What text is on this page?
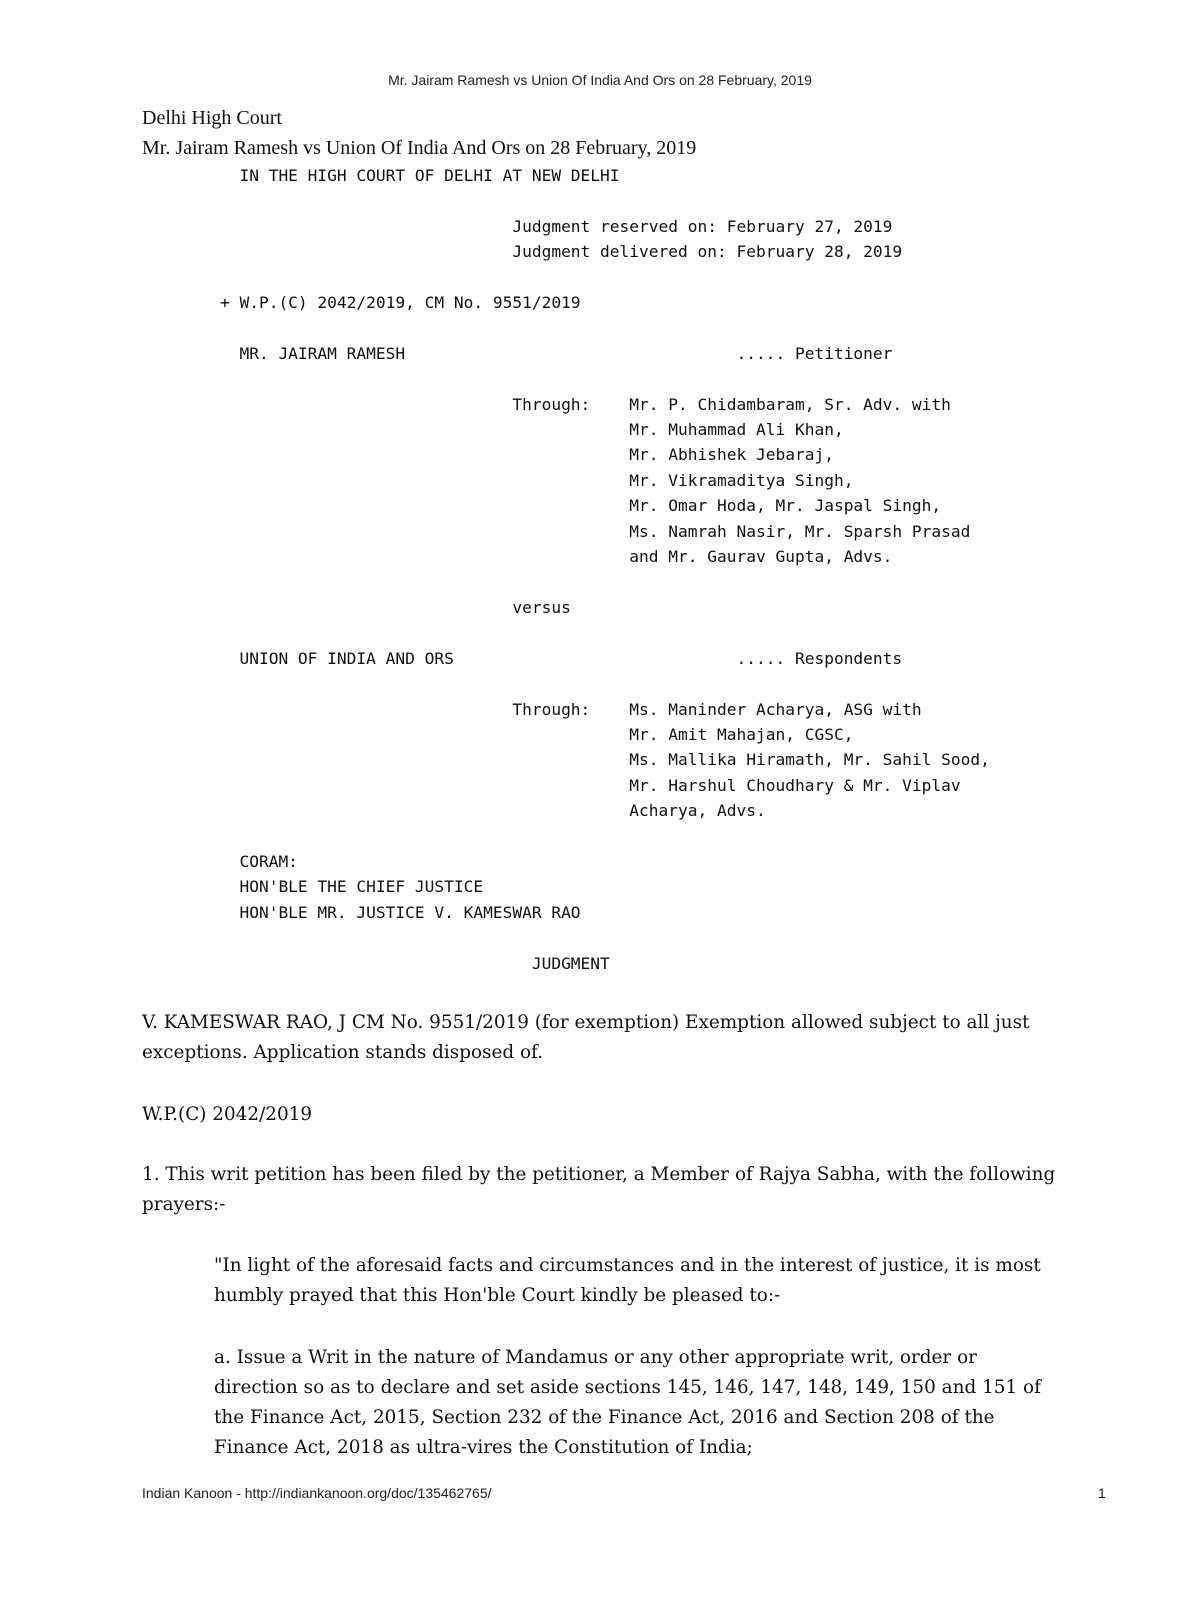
Mr. Jairam Ramesh vs Union Of India And Ors on 28 February, 2019
Delhi High Court
Mr. Jairam Ramesh vs Union Of India And Ors on 28 February, 2019
IN THE HIGH COURT OF DELHI AT NEW DELHI

Judgment reserved on: February 27, 2019
Judgment delivered on: February 28, 2019

+ W.P.(C) 2042/2019, CM No. 9551/2019

MR. JAIRAM RAMESH                                  ..... Petitioner

Through:    Mr. P. Chidambaram, Sr. Adv. with
Mr. Muhammad Ali Khan,
Mr. Abhishek Jebaraj,
Mr. Vikramaditya Singh,
Mr. Omar Hoda, Mr. Jaspal Singh,
Ms. Namrah Nasir, Mr. Sparsh Prasad
and Mr. Gaurav Gupta, Advs.

versus

UNION OF INDIA AND ORS                             ..... Respondents

Through:    Ms. Maninder Acharya, ASG with
Mr. Amit Mahajan, CGSC,
Ms. Mallika Hiramath, Mr. Sahil Sood,
Mr. Harshul Choudhary & Mr. Viplav
Acharya, Advs.

CORAM:
HON'BLE THE CHIEF JUSTICE
HON'BLE MR. JUSTICE V. KAMESWAR RAO

JUDGMENT
V. KAMESWAR RAO, J CM No. 9551/2019 (for exemption) Exemption allowed subject to all just exceptions. Application stands disposed of.
W.P.(C) 2042/2019
1. This writ petition has been filed by the petitioner, a Member of Rajya Sabha, with the following prayers:-
"In light of the aforesaid facts and circumstances and in the interest of justice, it is most humbly prayed that this Hon'ble Court kindly be pleased to:-
a. Issue a Writ in the nature of Mandamus or any other appropriate writ, order or direction so as to declare and set aside sections 145, 146, 147, 148, 149, 150 and 151 of the Finance Act, 2015, Section 232 of the Finance Act, 2016 and Section 208 of the Finance Act, 2018 as ultra-vires the Constitution of India;
Indian Kanoon - http://indiankanoon.org/doc/135462765/	1
